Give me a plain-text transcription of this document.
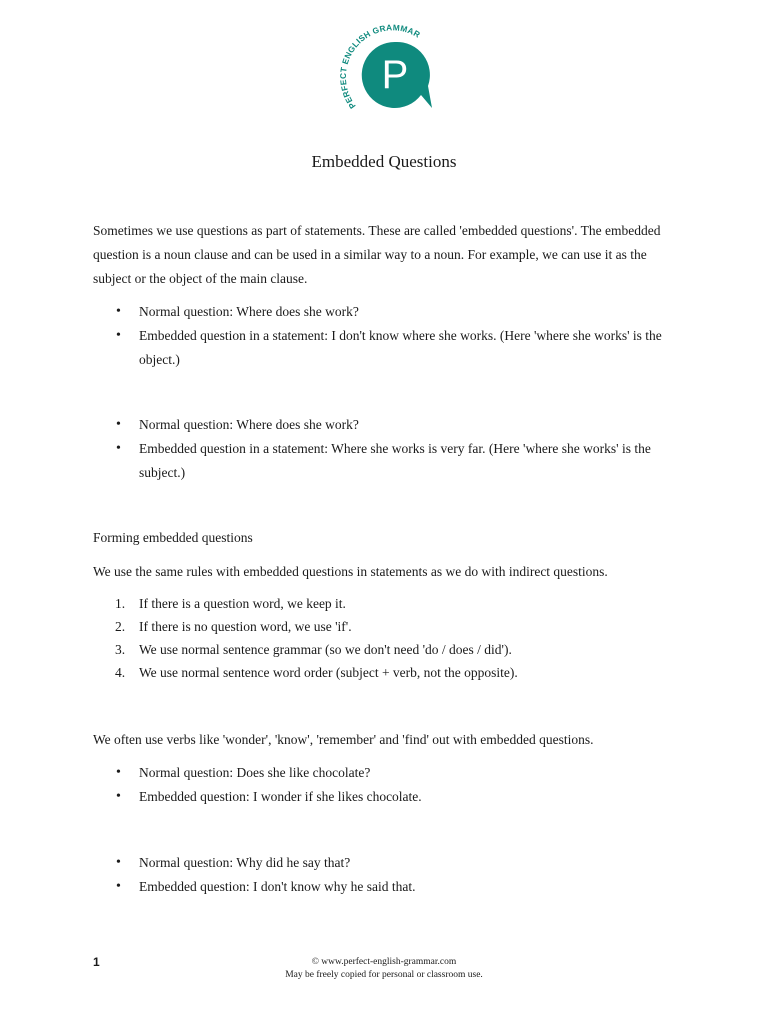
PERFECT ENGLISH GRAMMAR
P
Embedded Questions

Sometimes we use questions as part of statements. These are called 'embedded questions'. The embedded question is a noun clause and can be used in a similar way to a noun. For example, we can use it as the subject or the object of the main clause.

• Normal question: Where does she work?

• Embedded question in a statement: I don't know where she works. (Here 'where she works' is the object.)

• Normal question: Where does she work?

• Embedded question in a statement: Where she works is very far. (Here 'where she works' is the subject.)

Forming embedded questions

We use the same rules with embedded questions in statements as we do with indirect questions.

1. If there is a question word, we keep it.
2. If there is no question word, we use 'if'.
3. We use normal sentence grammar (so we don't need 'do / does / did').
4. We use normal sentence word order (subject + verb, not the opposite).

We often use verbs like 'wonder', 'know', 'remember' and 'find' out with embedded questions.

• Normal question: Does she like chocolate?

• Embedded question: I wonder if she likes chocolate.

• Normal question: Why did he say that?

• Embedded question: I don't know why he said that.

1	© www.perfect-english-grammar.com
May be freely copied for personal or classroom use.
